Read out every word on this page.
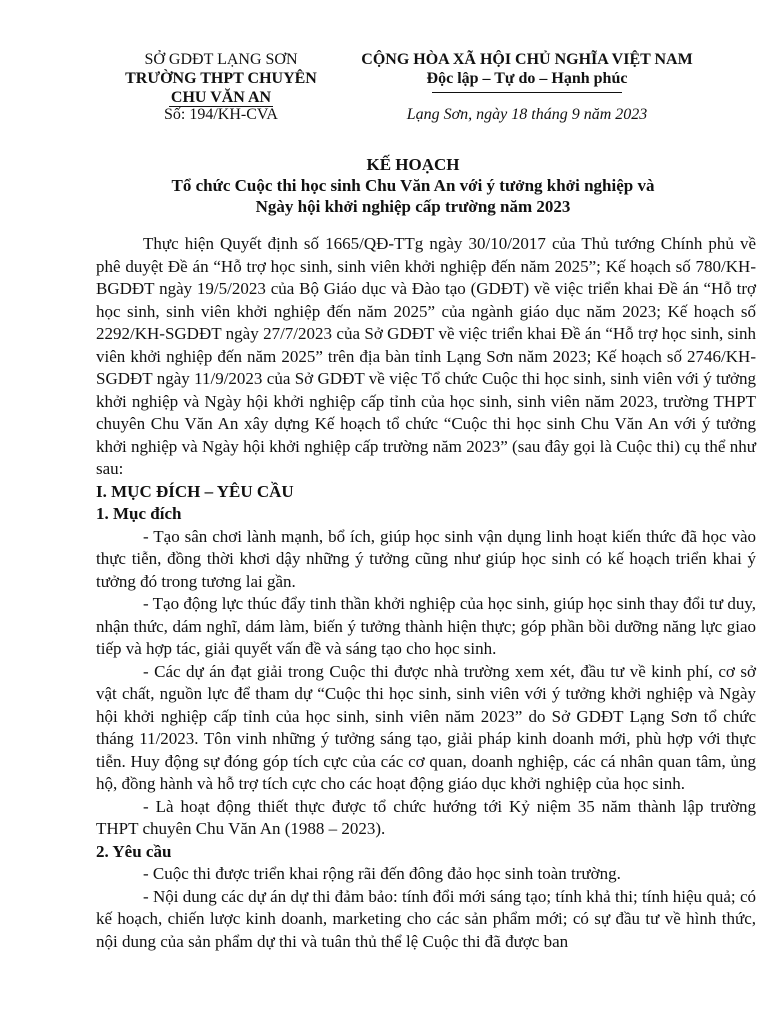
SỞ GDĐT LẠNG SƠN
TRƯỜNG THPT CHUYÊN
CHU VĂN AN
CỘNG HÒA XÃ HỘI CHỦ NGHĨA VIỆT NAM
Độc lập – Tự do – Hạnh phúc
Số: 194/KH-CVA	Lạng Sơn, ngày 18 tháng 9 năm 2023
KẾ HOẠCH
Tổ chức Cuộc thi học sinh Chu Văn An với ý tưởng khởi nghiệp và
Ngày hội khởi nghiệp cấp trường năm 2023

Thực hiện Quyết định số 1665/QĐ-TTg ngày 30/10/2017 của Thủ tướng Chính phủ về phê duyệt Đề án “Hỗ trợ học sinh, sinh viên khởi nghiệp đến năm 2025”; Kế hoạch số 780/KH-BGDĐT ngày 19/5/2023 của Bộ Giáo dục và Đào tạo (GDĐT) về việc triển khai Đề án “Hỗ trợ học sinh, sinh viên khởi nghiệp đến năm 2025” của ngành giáo dục năm 2023; Kế hoạch số 2292/KH-SGDĐT ngày 27/7/2023 của Sở GDĐT về việc triển khai Đề án “Hỗ trợ học sinh, sinh viên khởi nghiệp đến năm 2025” trên địa bàn tỉnh Lạng Sơn năm 2023; Kế hoạch số 2746/KH-SGDĐT ngày 11/9/2023 của Sở GDĐT về việc Tổ chức Cuộc thi học sinh, sinh viên với ý tưởng khởi nghiệp và Ngày hội khởi nghiệp cấp tỉnh của học sinh, sinh viên năm 2023, trường THPT chuyên Chu Văn An xây dựng Kế hoạch tổ chức “Cuộc thi học sinh Chu Văn An với ý tưởng khởi nghiệp và Ngày hội khởi nghiệp cấp trường năm 2023” (sau đây gọi là Cuộc thi) cụ thể như sau:

I. MỤC ĐÍCH – YÊU CẦU

1. Mục đích

- Tạo sân chơi lành mạnh, bổ ích, giúp học sinh vận dụng linh hoạt kiến thức đã học vào thực tiễn, đồng thời khơi dậy những ý tưởng cũng như giúp học sinh có kế hoạch triển khai ý tưởng đó trong tương lai gần.

- Tạo động lực thúc đẩy tinh thần khởi nghiệp của học sinh, giúp học sinh thay đổi tư duy, nhận thức, dám nghĩ, dám làm, biến ý tưởng thành hiện thực; góp phần bồi dưỡng năng lực giao tiếp và hợp tác, giải quyết vấn đề và sáng tạo cho học sinh.

- Các dự án đạt giải trong Cuộc thi được nhà trường xem xét, đầu tư về kinh phí, cơ sở vật chất, nguồn lực để tham dự “Cuộc thi học sinh, sinh viên với ý tưởng khởi nghiệp và Ngày hội khởi nghiệp cấp tỉnh của học sinh, sinh viên năm 2023” do Sở GDĐT Lạng Sơn tổ chức tháng 11/2023. Tôn vinh những ý tưởng sáng tạo, giải pháp kinh doanh mới, phù hợp với thực tiễn. Huy động sự đóng góp tích cực của các cơ quan, doanh nghiệp, các cá nhân quan tâm, ủng hộ, đồng hành và hỗ trợ tích cực cho các hoạt động giáo dục khởi nghiệp của học sinh.

- Là hoạt động thiết thực được tổ chức hướng tới Kỷ niệm 35 năm thành lập trường THPT chuyên Chu Văn An (1988 – 2023).

2. Yêu cầu

- Cuộc thi được triển khai rộng rãi đến đông đảo học sinh toàn trường.

- Nội dung các dự án dự thi đảm bảo: tính đổi mới sáng tạo; tính khả thi; tính hiệu quả; có kế hoạch, chiến lược kinh doanh, marketing cho các sản phẩm mới; có sự đầu tư về hình thức, nội dung của sản phẩm dự thi và tuân thủ thể lệ Cuộc thi đã được ban
